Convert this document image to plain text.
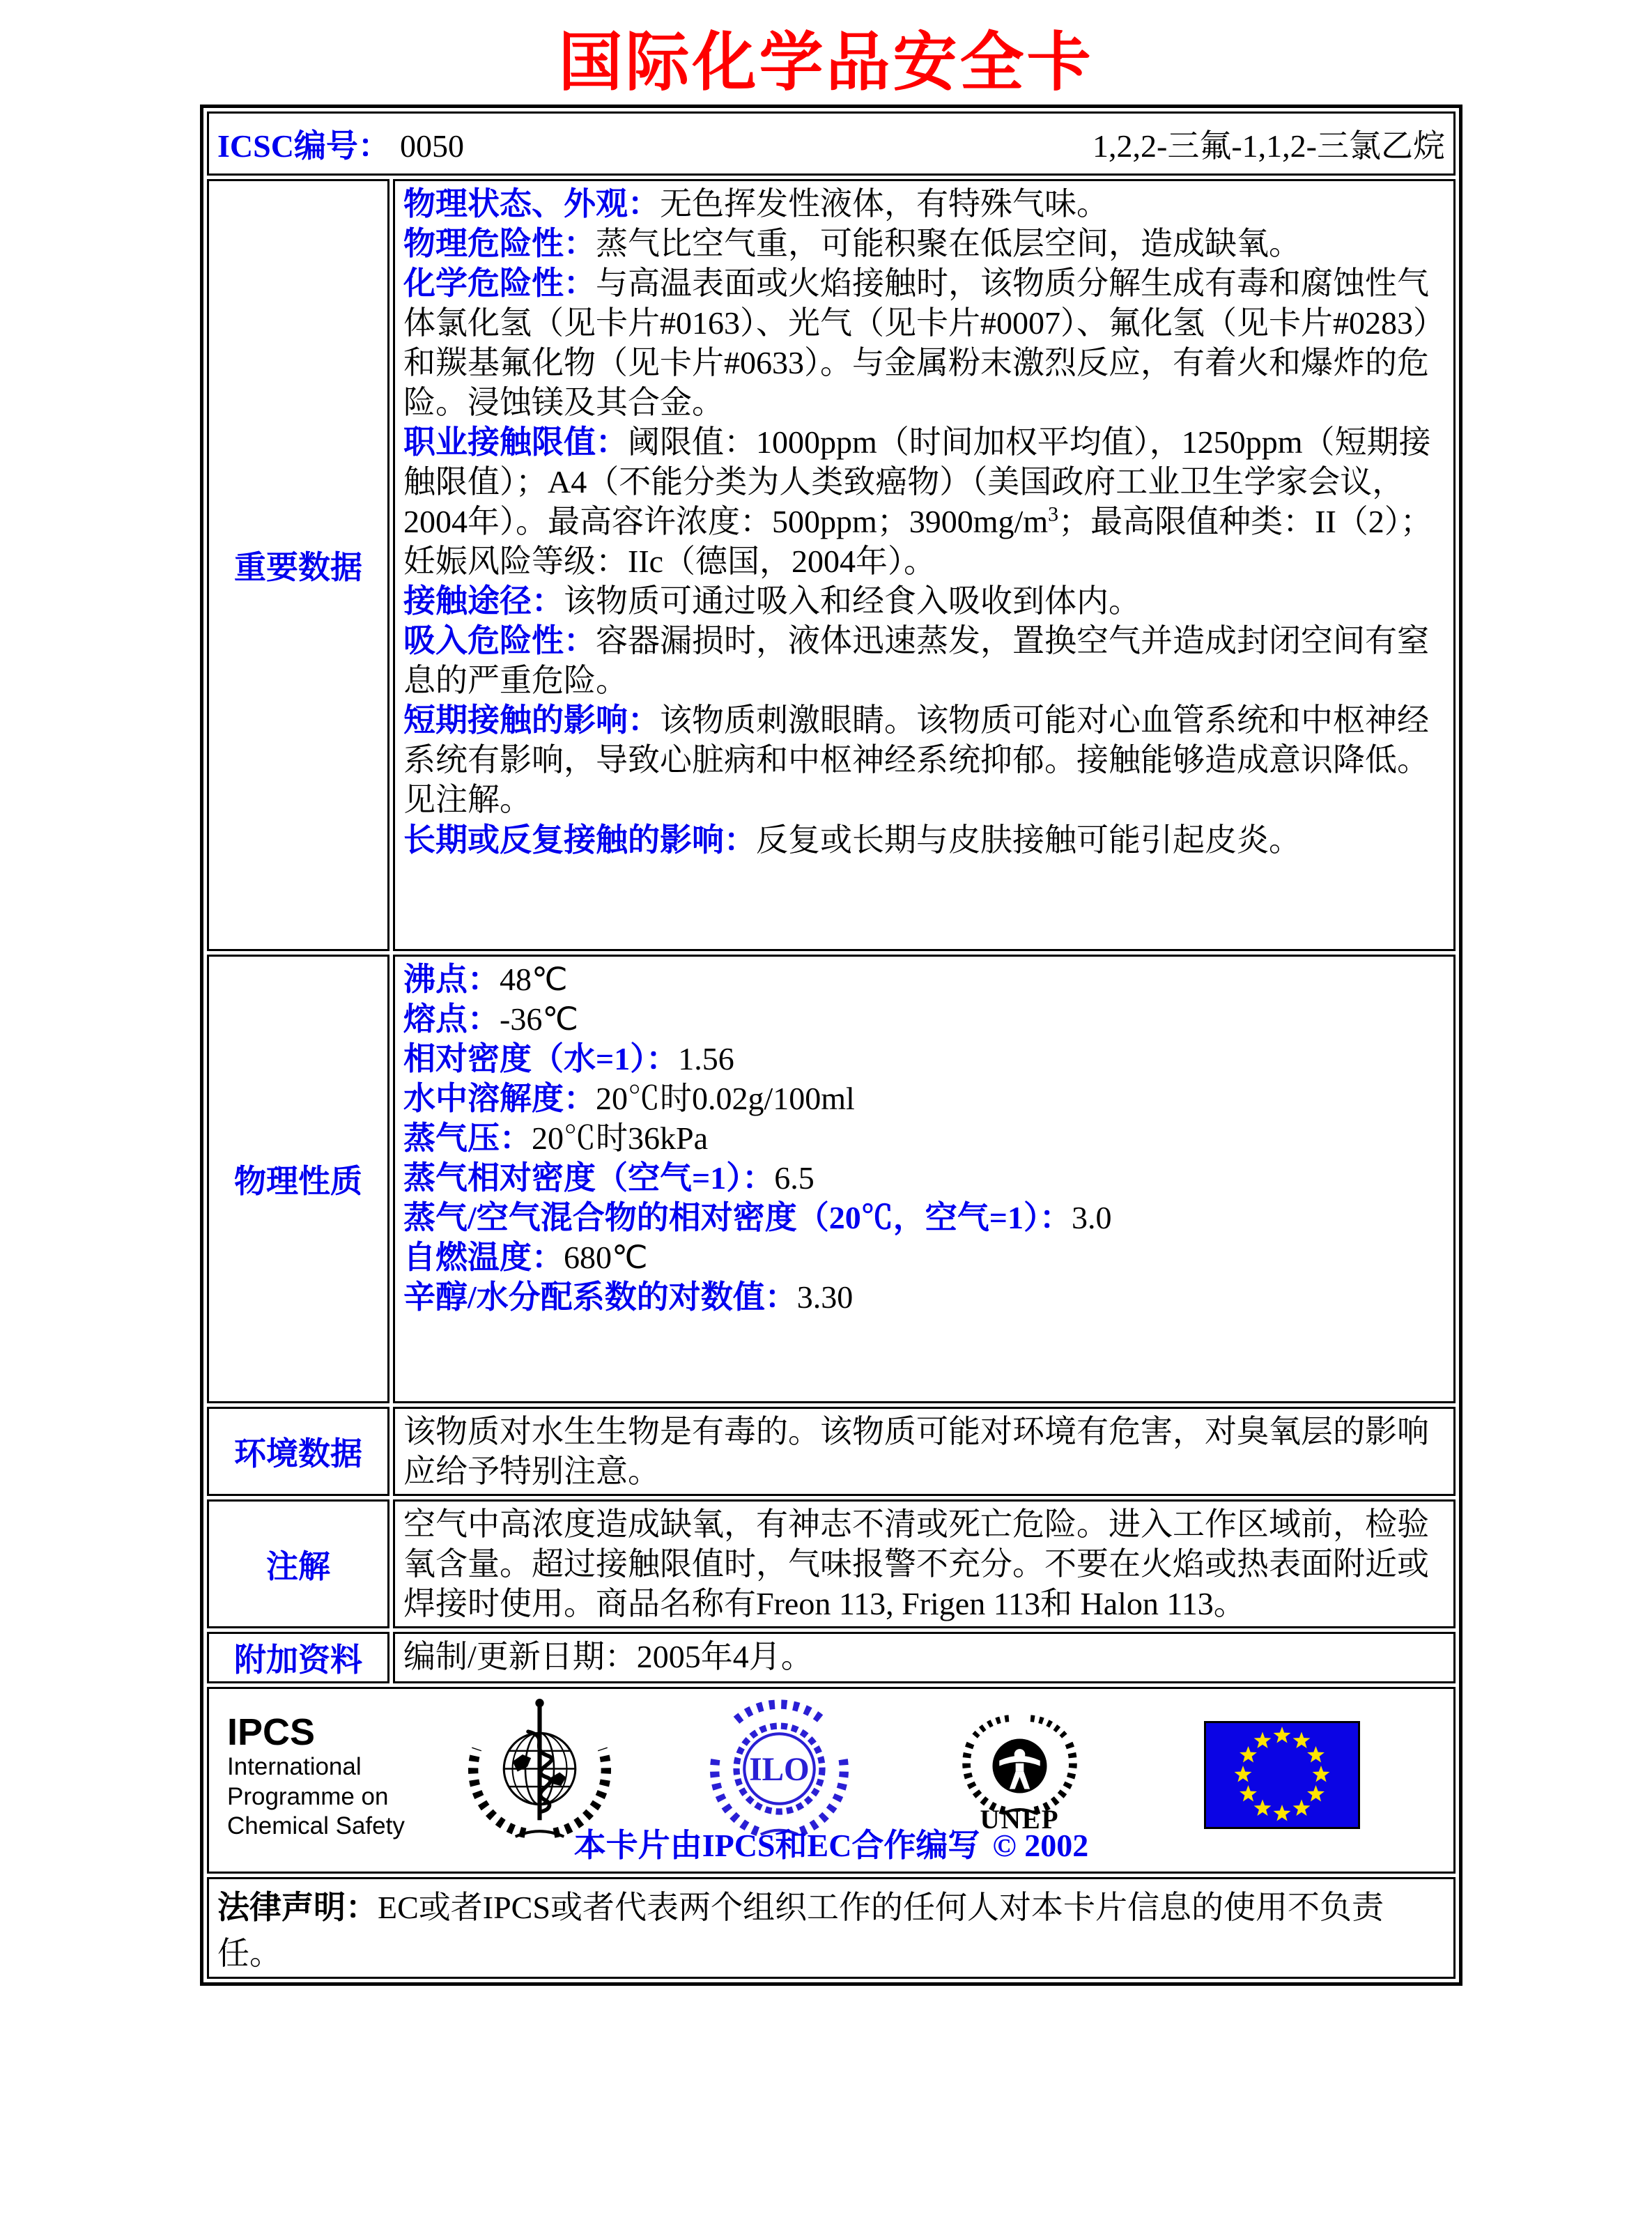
国际化学品安全卡
ICSC编号： 0050 1,2,2-三氟-1,1,2-三氯乙烷	

重要数据	
物理状态、外观：无色挥发性液体，有特殊气味。
物理危险性：蒸气比空气重，可能积聚在低层空间，造成缺氧。
化学危险性：与高温表面或火焰接触时，该物质分解生成有毒和腐蚀性气体氯化氢（见卡片#0163）、光气（见卡片#0007）、氟化氢（见卡片#0283）和羰基氟化物（见卡片#0633）。与金属粉末激烈反应，有着火和爆炸的危险。浸蚀镁及其合金。
职业接触限值：阈限值：1000ppm（时间加权平均值），1250ppm（短期接触限值）；A4（不能分类为人类致癌物）（美国政府工业卫生学家会议，2004年）。最高容许浓度：500ppm；$3900mg/m^3$；最高限值种类：II（2）；妊娠风险等级：IIc（德国，2004年）。
接触途径：该物质可通过吸入和经食入吸收到体内。
吸入危险性：容器漏损时，液体迅速蒸发，置换空气并造成封闭空间有窒息的严重危险。
短期接触的影响：该物质刺激眼睛。该物质可能对心血管系统和中枢神经系统有影响，导致心脏病和中枢神经系统抑郁。接触能够造成意识降低。见注解。
长期或反复接触的影响：反复或长期与皮肤接触可能引起皮炎。

物理性质	
沸点：48℃
熔点：-36℃
相对密度（水=1）：1.56
水中溶解度：20℃时0.02g/100ml
蒸气压：20℃时36kPa
蒸气相对密度（空气=1）：6.5
蒸气/空气混合物的相对密度（20℃，空气=1）：3.0
自燃温度：680℃
辛醇/水分配系数的对数值：3.30

环境数据	该物质对水生生物是有毒的。该物质可能对环境有危害，对臭氧层的影响应给予特别注意。
注解	空气中高浓度造成缺氧，有神志不清或死亡危险。进入工作区域前，检验氧含量。超过接触限值时，气味报警不充分。不要在火焰或热表面附近或焊接时使用。商品名称有Freon 113, Frigen 113和 Halon 113。
附加资料	编制/更新日期：2005年4月。

IPCS
International
Programme on
Chemical Safety
ILO
UNEP
本卡片由IPCS和EC合作编写 © 2002

法律声明：EC或者IPCS或者代表两个组织工作的任何人对本卡片信息的使用不负责任。	
